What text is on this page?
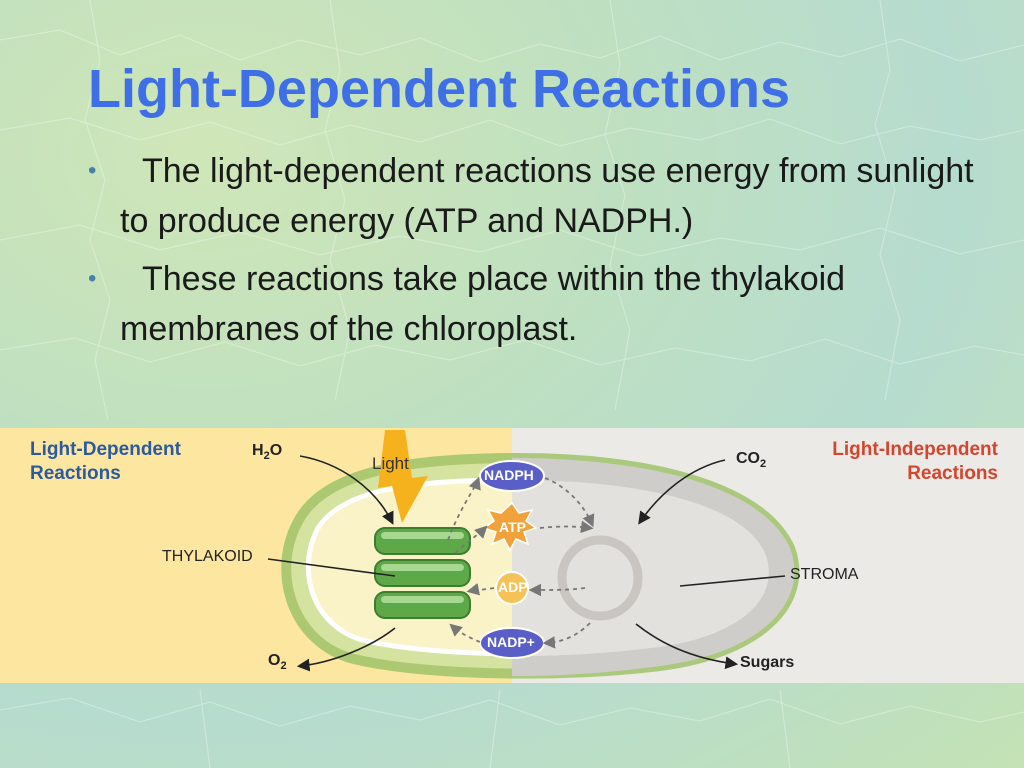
Light-Dependent Reactions
•	The light-dependent reactions use energy from sunlight to produce energy (ATP and NADPH.)
•	These reactions take place within the thylakoid membranes of the chloroplast.
Light-Dependent
Reactions
Light-Independent
Reactions
$H_2O$
Light
THYLAKOID
$O_2$
$CO_2$
STROMA
Sugars
NADPH
ATP
ADP
NADP+
